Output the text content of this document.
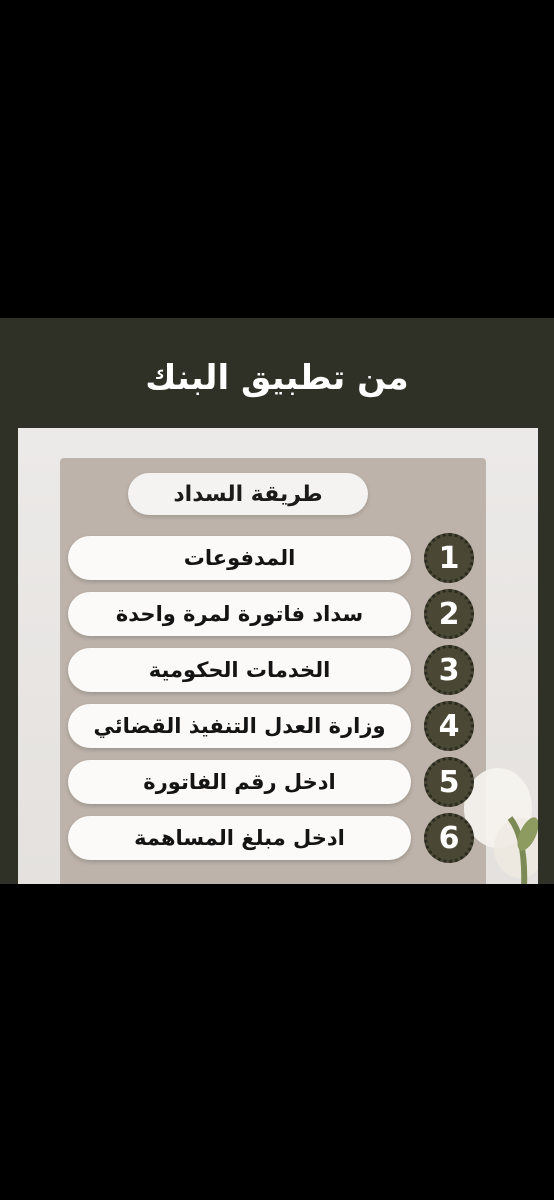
من تطبيق البنك
طريقة السداد
المدفوعات	1
سداد فاتورة لمرة واحدة	2
الخدمات الحكومية	3
وزارة العدل التنفيذ القضائي	4
ادخل رقم الفاتورة	5
ادخل مبلغ المساهمة	6
